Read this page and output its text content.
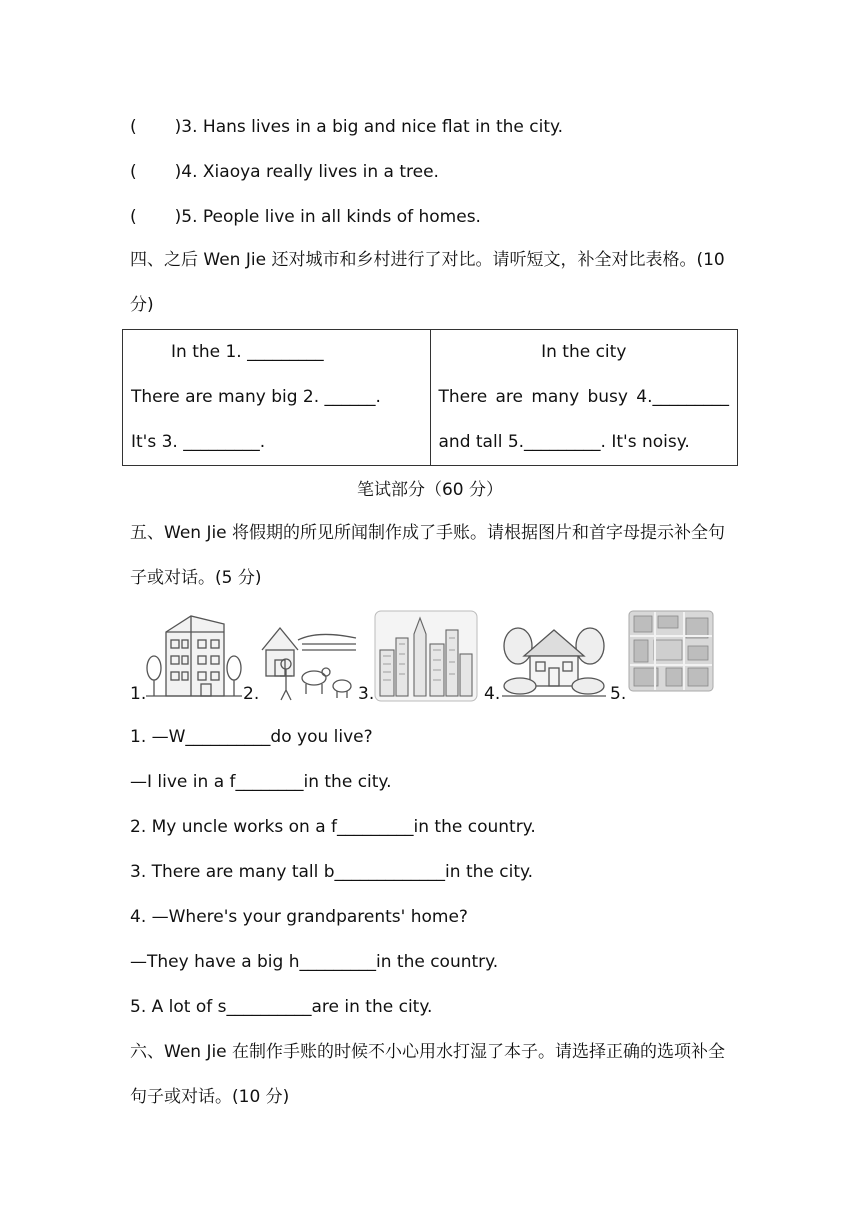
( )3. Hans lives in a big and nice flat in the city.
( )4. Xiaoya really lives in a tree.
( )5. People live in all kinds of homes.
四、之后 Wen Jie 还对城市和乡村进行了对比。请听短文，补全对比表格。(10 分)
In the 1. _________
There are many big 2. ______.
It's 3. _________.

In the city
There are many busy 4._________
and tall 5._________. It's noisy.
笔试部分（60 分）
五、Wen Jie 将假期的所见所闻制作成了手账。请根据图片和首字母提示补全句子或对话。(5 分)
1.	2.	3.	4.	5.
1. —W__________do you live?
—I live in a f________in the city.
2. My uncle works on a f_________in the country.
3. There are many tall b_____________in the city.
4. —Where's your grandparents' home?
—They have a big h_________in the country.
5. A lot of s__________are in the city.
六、Wen Jie 在制作手账的时候不小心用水打湿了本子。请选择正确的选项补全句子或对话。(10 分)
